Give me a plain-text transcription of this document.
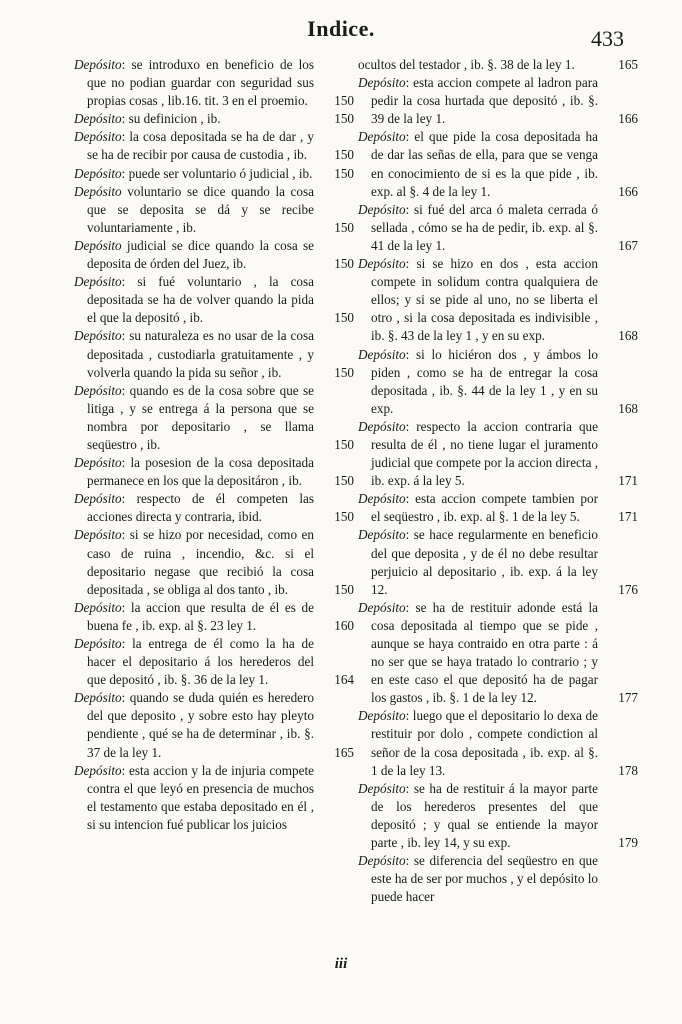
Indice.	433
Depósito: se introduxo en beneficio de los que no podian guardar con seguridad sus propias cosas , lib.16. tit. 3 en el proemio. 150
Depósito: su definicion , ib.	150
Depósito: la cosa depositada se ha de dar , y se ha de recibir por causa de custodia , ib. 150
Depósito: puede ser voluntario ó judicial , ib. 150
Depósito voluntario se dice quando la cosa que se deposita se dá y se recibe voluntariamente , ib.	150
Depósito judicial se dice quando la cosa se deposita de órden del Juez, ib.	150
Depósito: si fué voluntario , la cosa depositada se ha de volver quando la pida el que la depositó , ib.	150
Depósito: su naturaleza es no usar de la cosa depositada , custodiarla gratuitamente , y volverla quando la pida su señor , ib.	150
Depósito: quando es de la cosa sobre que se litiga , y se entrega á la persona que se nombra por depositario , se llama seqüestro , ib.	150
Depósito: la posesion de la cosa depositada permanece en los que la depositáron , ib. 150
Depósito: respecto de él competen las acciones directa y contraria, ibid.	150
Depósito: si se hizo por necesidad, como en caso de ruina , incendio, &c. si el depositario negase que recibió la cosa depositada , se obliga al dos tanto , ib.	150
Depósito: la accion que resulta de él es de buena fe , ib. exp. al §. 23 ley 1.	160
Depósito: la entrega de él como la ha de hacer el depositario á los herederos del que depositó , ib. §. 36 de la ley 1.	164
Depósito: quando se duda quién es heredero del que deposito , y sobre esto hay pleyto pendiente , qué se ha de determinar , ib. §. 37 de la ley 1.	165
Depósito: esta accion y la de injuria compete contra el que leyó en presencia de muchos el testamento que estaba depositado en él , si su intencion fué publicar los juicios
ocultos del testador , ib. §. 38 de la ley 1.	165
Depósito: esta accion compete al ladron para pedir la cosa hurtada que depositó , ib. §. 39 de la ley 1.	166
Depósito: el que pide la cosa depositada ha de dar las señas de ella, para que se venga en conocimiento de si es la que pide , ib. exp. al §. 4 de la ley 1.	166
Depósito: si fué del arca ó maleta cerrada ó sellada , cómo se ha de pedir, ib. exp. al §. 41 de la ley 1.	167
Depósito: si se hizo en dos , esta accion compete in solidum contra qualquiera de ellos; y si se pide al uno, no se liberta el otro , si la cosa depositada es indivisible , ib. §. 43 de la ley 1 , y en su exp.	168
Depósito: si lo hiciéron dos , y ámbos lo piden , como se ha de entregar la cosa depositada , ib. §. 44 de la ley 1 , y en su exp.	168
Depósito: respecto la accion contraria que resulta de él , no tiene lugar el juramento judicial que compete por la accion directa , ib. exp. á la ley 5.	171
Depósito: esta accion compete tambien por el seqüestro , ib. exp. al §. 1 de la ley 5.	171
Depósito: se hace regularmente en beneficio del que deposita , y de él no debe resultar perjuicio al depositario , ib. exp. á la ley 12.	176
Depósito: se ha de restituir adonde está la cosa depositada al tiempo que se pide , aunque se haya contraido en otra parte : á no ser que se haya tratado lo contrario ; y en este caso el que depositó ha de pagar los gastos , ib. §. 1 de la ley 12.	177
Depósito: luego que el depositario lo dexa de restituir por dolo , compete condiction al señor de la cosa depositada , ib. exp. al §. 1 de la ley 13.	178
Depósito: se ha de restituir á la mayor parte de los herederos presentes del que depositó ; y qual se entiende la mayor parte , ib. ley 14, y su exp.	179
Depósito: se diferencia del seqüestro en que este ha de ser por muchos , y el depósito lo puede hacer
iii
